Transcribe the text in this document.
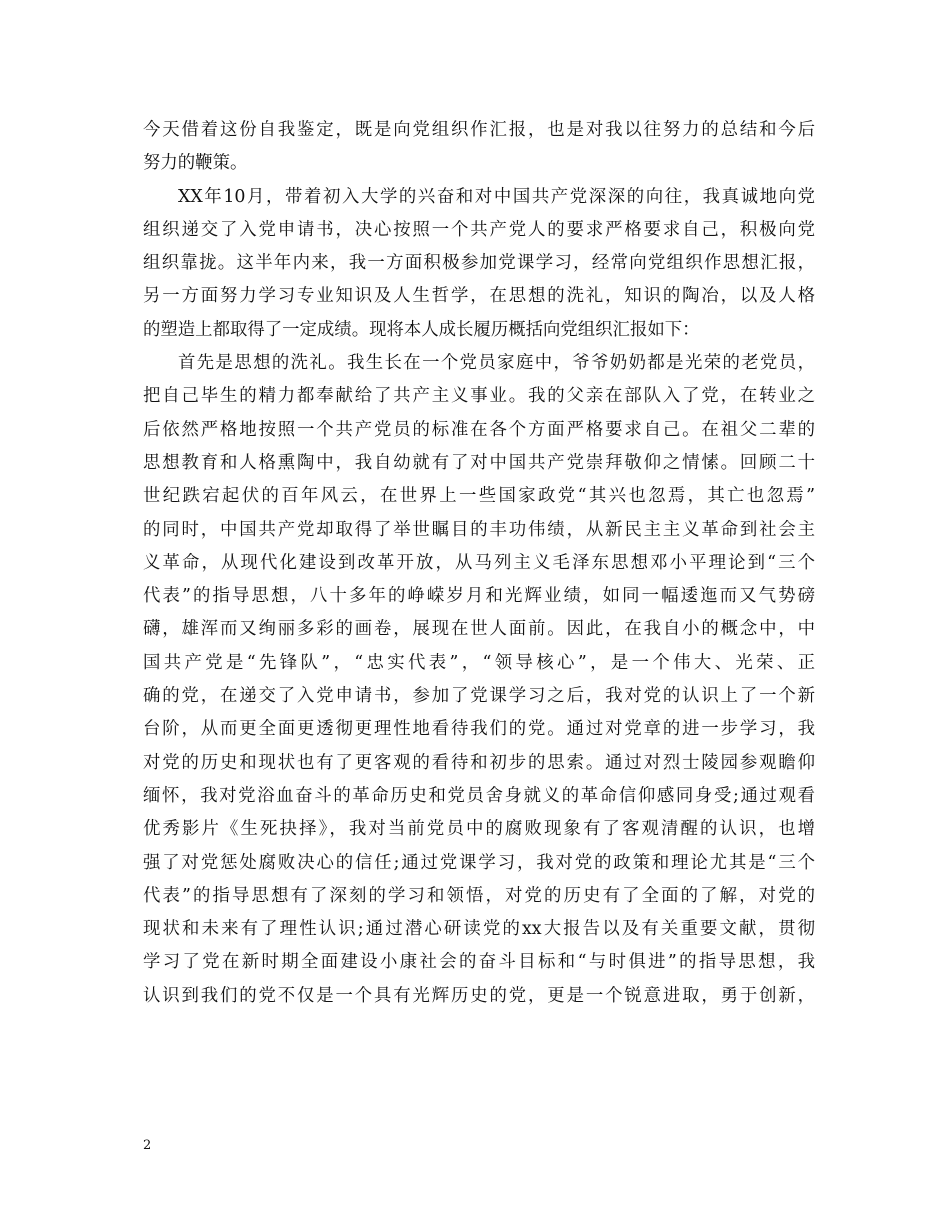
今天借着这份自我鉴定，既是向党组织作汇报，也是对我以往努力的总结和今后
努力的鞭策。
XX年10月，带着初入大学的兴奋和对中国共产党深深的向往，我真诚地向党
组织递交了入党申请书，决心按照一个共产党人的要求严格要求自己，积极向党
组织靠拢。这半年内来，我一方面积极参加党课学习，经常向党组织作思想汇报，
另一方面努力学习专业知识及人生哲学，在思想的洗礼，知识的陶冶，以及人格
的塑造上都取得了一定成绩。现将本人成长履历概括向党组织汇报如下：
首先是思想的洗礼。我生长在一个党员家庭中，爷爷奶奶都是光荣的老党员，
把自己毕生的精力都奉献给了共产主义事业。我的父亲在部队入了党，在转业之
后依然严格地按照一个共产党员的标准在各个方面严格要求自己。在祖父二辈的
思想教育和人格熏陶中，我自幼就有了对中国共产党崇拜敬仰之情愫。回顾二十
世纪跌宕起伏的百年风云，在世界上一些国家政党“其兴也忽焉，其亡也忽焉”
的同时，中国共产党却取得了举世瞩目的丰功伟绩，从新民主主义革命到社会主
义革命，从现代化建设到改革开放，从马列主义毛泽东思想邓小平理论到“三个
代表”的指导思想，八十多年的峥嵘岁月和光辉业绩，如同一幅逶迤而又气势磅
礴，雄浑而又绚丽多彩的画卷，展现在世人面前。因此，在我自小的概念中，中
国共产党是“先锋队”，“忠实代表”，“领导核心”，是一个伟大、光荣、正
确的党，在递交了入党申请书，参加了党课学习之后，我对党的认识上了一个新
台阶，从而更全面更透彻更理性地看待我们的党。通过对党章的进一步学习，我
对党的历史和现状也有了更客观的看待和初步的思索。通过对烈士陵园参观瞻仰
缅怀，我对党浴血奋斗的革命历史和党员舍身就义的革命信仰感同身受;通过观看
优秀影片《生死抉择》，我对当前党员中的腐败现象有了客观清醒的认识，也增
强了对党惩处腐败决心的信任;通过党课学习，我对党的政策和理论尤其是“三个
代表”的指导思想有了深刻的学习和领悟，对党的历史有了全面的了解，对党的
现状和未来有了理性认识;通过潜心研读党的xx大报告以及有关重要文献，贯彻
学习了党在新时期全面建设小康社会的奋斗目标和“与时俱进”的指导思想，我
认识到我们的党不仅是一个具有光辉历史的党，更是一个锐意进取，勇于创新，
2
